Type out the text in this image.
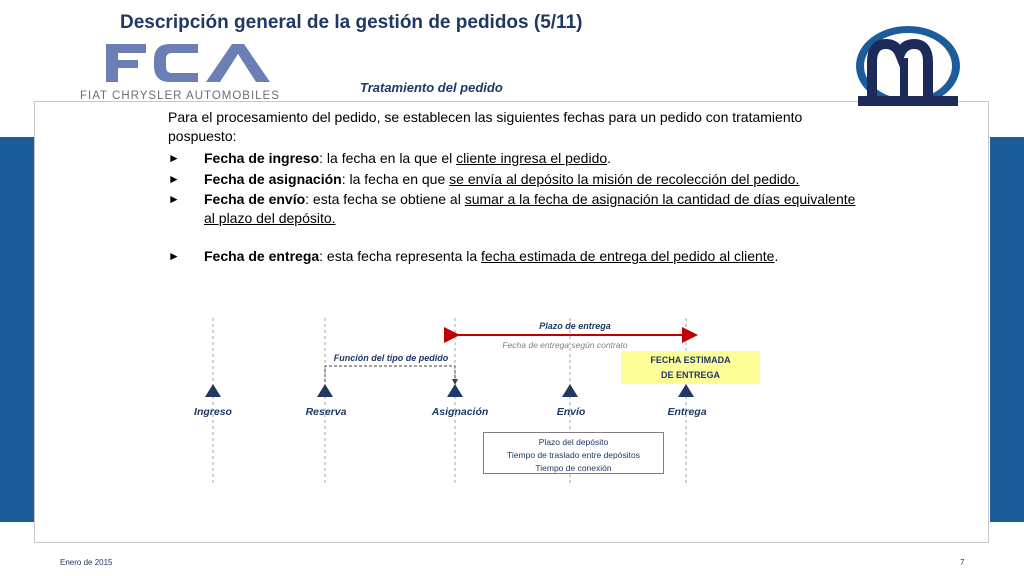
Descripción general de la gestión de pedidos (5/11)
FIAT CHRYSLER AUTOMOBILES
Tratamiento del pedido

Para el procesamiento del pedido, se establecen las siguientes fechas para un pedido con tratamiento pospuesto:

► Fecha de ingreso: la fecha en la que el cliente ingresa el pedido.

► Fecha de asignación: la fecha en que se envía al depósito la misión de recolección del pedido.

► Fecha de envío: esta fecha se obtiene al sumar a la fecha de asignación la cantidad de días equivalente al plazo del depósito.

► Fecha de entrega: esta fecha representa la fecha estimada de entrega del pedido al cliente.

Plazo de entrega
Fecha de entrega según contrato
Función del tipo de pedido	FECHA ESTIMADA
DE ENTREGA
Ingreso	Reserva	Asignación	Envío	Entrega
Plazo del depósito
Tiempo de traslado entre depósitos
Tiempo de conexión
Enero de 2015	7
